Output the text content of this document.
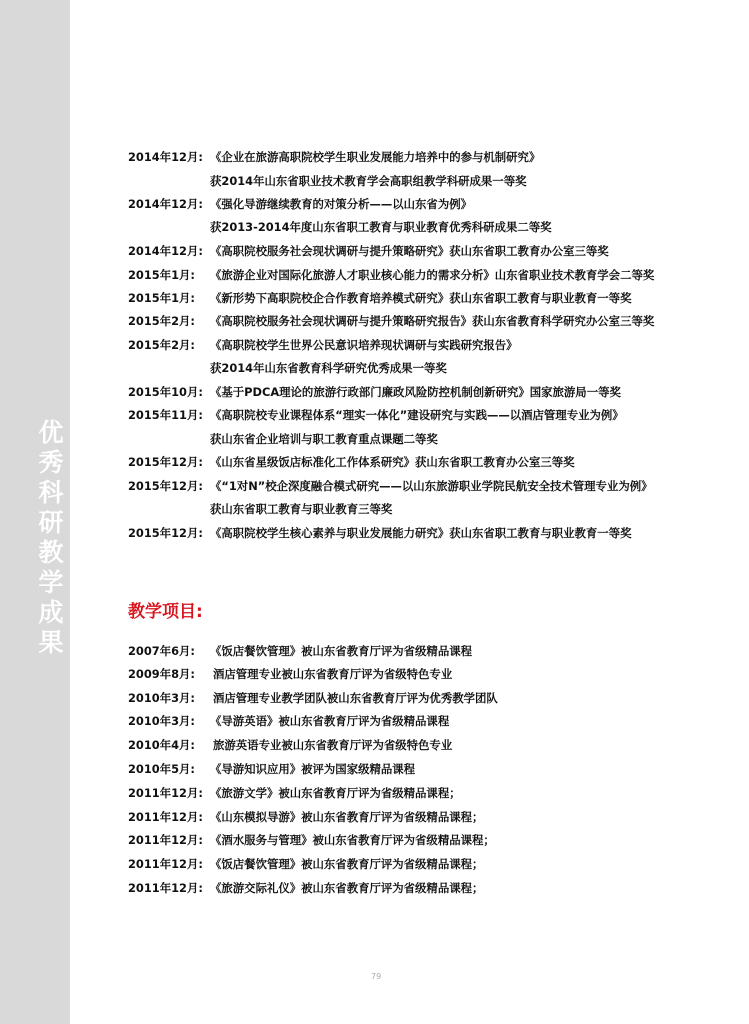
优秀科研教学成果
2014年12月: 《企业在旅游高职院校学生职业发展能力培养中的参与机制研究》
获2014年山东省职业技术教育学会高职组教学科研成果一等奖
2014年12月: 《强化导游继续教育的对策分析——以山东省为例》
获2013-2014年度山东省职工教育与职业教育优秀科研成果二等奖
2014年12月: 《高职院校服务社会现状调研与提升策略研究》获山东省职工教育办公室三等奖
2015年1月: 《旅游企业对国际化旅游人才职业核心能力的需求分析》山东省职业技术教育学会二等奖
2015年1月: 《新形势下高职院校企合作教育培养模式研究》获山东省职工教育与职业教育一等奖
2015年2月: 《高职院校服务社会现状调研与提升策略研究报告》获山东省教育科学研究办公室三等奖
2015年2月: 《高职院校学生世界公民意识培养现状调研与实践研究报告》
获2014年山东省教育科学研究优秀成果一等奖
2015年10月: 《基于PDCA理论的旅游行政部门廉政风险防控机制创新研究》国家旅游局一等奖
2015年11月: 《高职院校专业课程体系“理实一体化”建设研究与实践——以酒店管理专业为例》
获山东省企业培训与职工教育重点课题二等奖
2015年12月: 《山东省星级饭店标准化工作体系研究》获山东省职工教育办公室三等奖
2015年12月: 《“1对N”校企深度融合模式研究——以山东旅游职业学院民航安全技术管理专业为例》
获山东省职工教育与职业教育三等奖
2015年12月: 《高职院校学生核心素养与职业发展能力研究》获山东省职工教育与职业教育一等奖
教学项目:
2007年6月: 《饭店餐饮管理》被山东省教育厅评为省级精品课程
2009年8月: 酒店管理专业被山东省教育厅评为省级特色专业
2010年3月: 酒店管理专业教学团队被山东省教育厅评为优秀教学团队
2010年3月: 《导游英语》被山东省教育厅评为省级精品课程
2010年4月: 旅游英语专业被山东省教育厅评为省级特色专业
2010年5月: 《导游知识应用》被评为国家级精品课程
2011年12月: 《旅游文学》被山东省教育厅评为省级精品课程；
2011年12月: 《山东模拟导游》被山东省教育厅评为省级精品课程；
2011年12月: 《酒水服务与管理》被山东省教育厅评为省级精品课程；
2011年12月: 《饭店餐饮管理》被山东省教育厅评为省级精品课程；
2011年12月: 《旅游交际礼仪》被山东省教育厅评为省级精品课程；
79
